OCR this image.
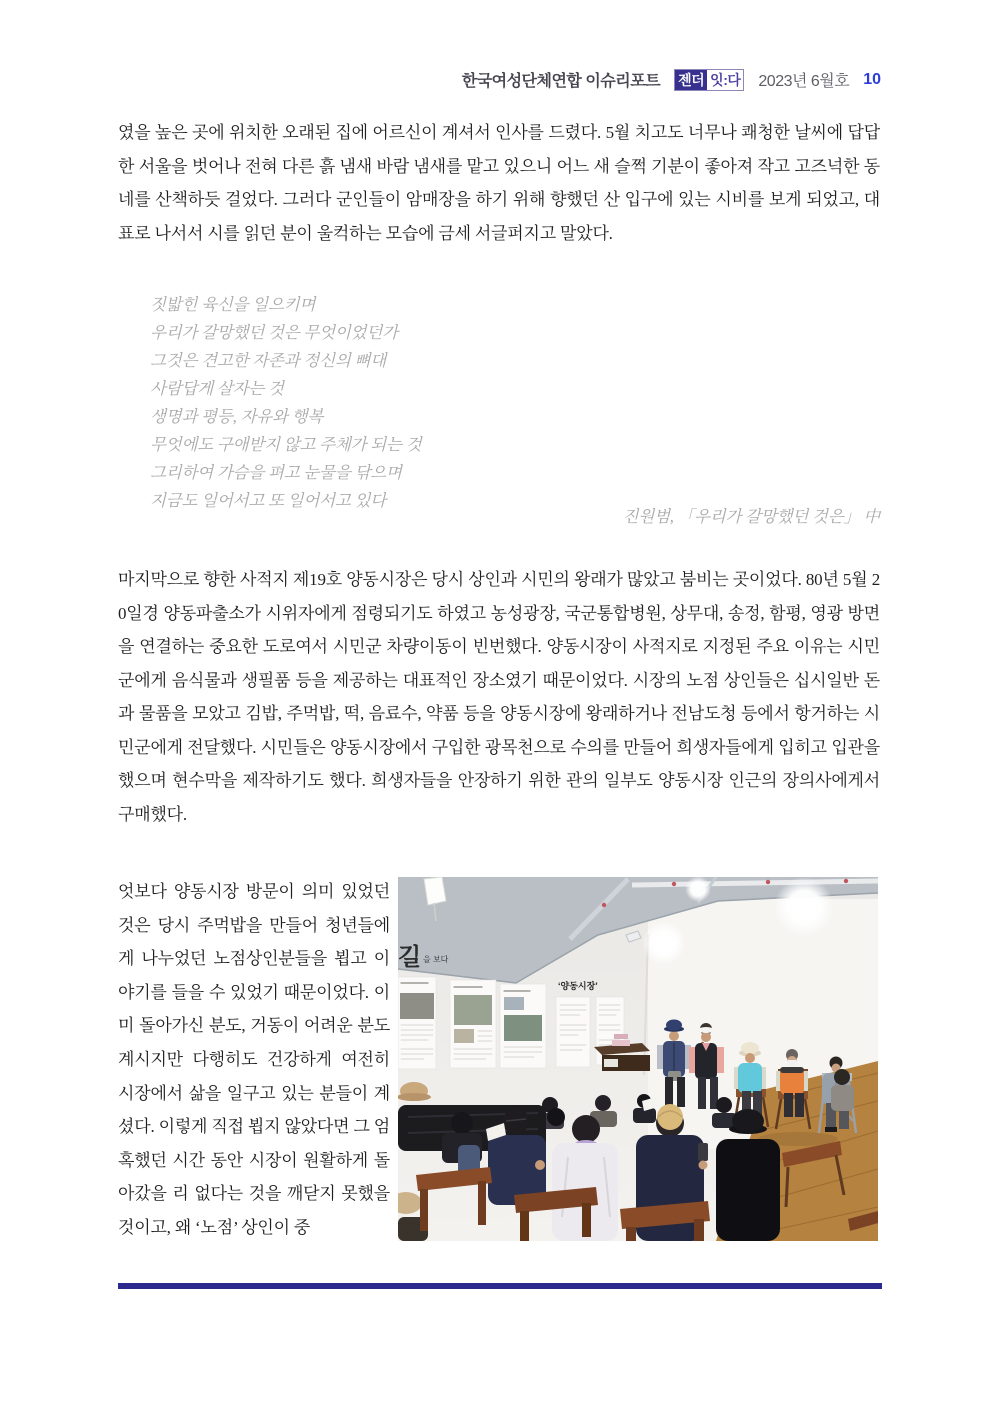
한국여성단체연합 이슈리포트 젠더 잇:다 2023년 6월호 10

였을 높은 곳에 위치한 오래된 집에 어르신이 계셔서 인사를 드렸다. 5월 치고도 너무나 쾌청한 날씨에 답답한 서울을 벗어나 전혀 다른 흙 냄새 바람 냄새를 맡고 있으니 어느 새 슬쩍 기분이 좋아져 작고 고즈넉한 동네를 산책하듯 걸었다. 그러다 군인들이 암매장을 하기 위해 향했던 산 입구에 있는 시비를 보게 되었고, 대표로 나서서 시를 읽던 분이 울컥하는 모습에 금세 서글퍼지고 말았다.

짓밟힌 육신을 일으키며
우리가 갈망했던 것은 무엇이었던가
그것은 견고한 자존과 정신의 뼈대
사람답게 살자는 것
생명과 평등, 자유와 행복
무엇에도 구애받지 않고 주체가 되는 것
그리하여 가슴을 펴고 눈물을 닦으며
지금도 일어서고 또 일어서고 있다
진원범, 「우리가 갈망했던 것은」 中

마지막으로 향한 사적지 제19호 양동시장은 당시 상인과 시민의 왕래가 많았고 붐비는 곳이었다. 80년 5월 20일경 양동파출소가 시위자에게 점령되기도 하였고 농성광장, 국군통합병원, 상무대, 송정, 함평, 영광 방면을 연결하는 중요한 도로여서 시민군 차량이동이 빈번했다. 양동시장이 사적지로 지정된 주요 이유는 시민군에게 음식물과 생필품 등을 제공하는 대표적인 장소였기 때문이었다. 시장의 노점 상인들은 십시일반 돈과 물품을 모았고 김밥, 주먹밥, 떡, 음료수, 약품 등을 양동시장에 왕래하거나 전남도청 등에서 항거하는 시민군에게 전달했다. 시민들은 양동시장에서 구입한 광목천으로 수의를 만들어 희생자들에게 입히고 입관을 했으며 현수막을 제작하기도 했다. 희생자들을 안장하기 위한 관의 일부도 양동시장 인근의 장의사에게서 구매했다.

엇보다 양동시장 방문이 의미 있었던 것은 당시 주먹밥을 만들어 청년들에게 나누었던 노점상인분들을 뵙고 이야기를 들을 수 있었기 때문이었다. 이미 돌아가신 분도, 거동이 어려운 분도 계시지만 다행히도 건강하게 여전히 시장에서 삶을 일구고 있는 분들이 계셨다. 이렇게 직접 뵙지 않았다면 그 엄혹했던 시간 동안 시장이 원활하게 돌아갔을 리 없다는 것을 깨닫지 못했을 것이고, 왜 ‘노점’ 상인이 중

길 을 보다
‘양동시장’
